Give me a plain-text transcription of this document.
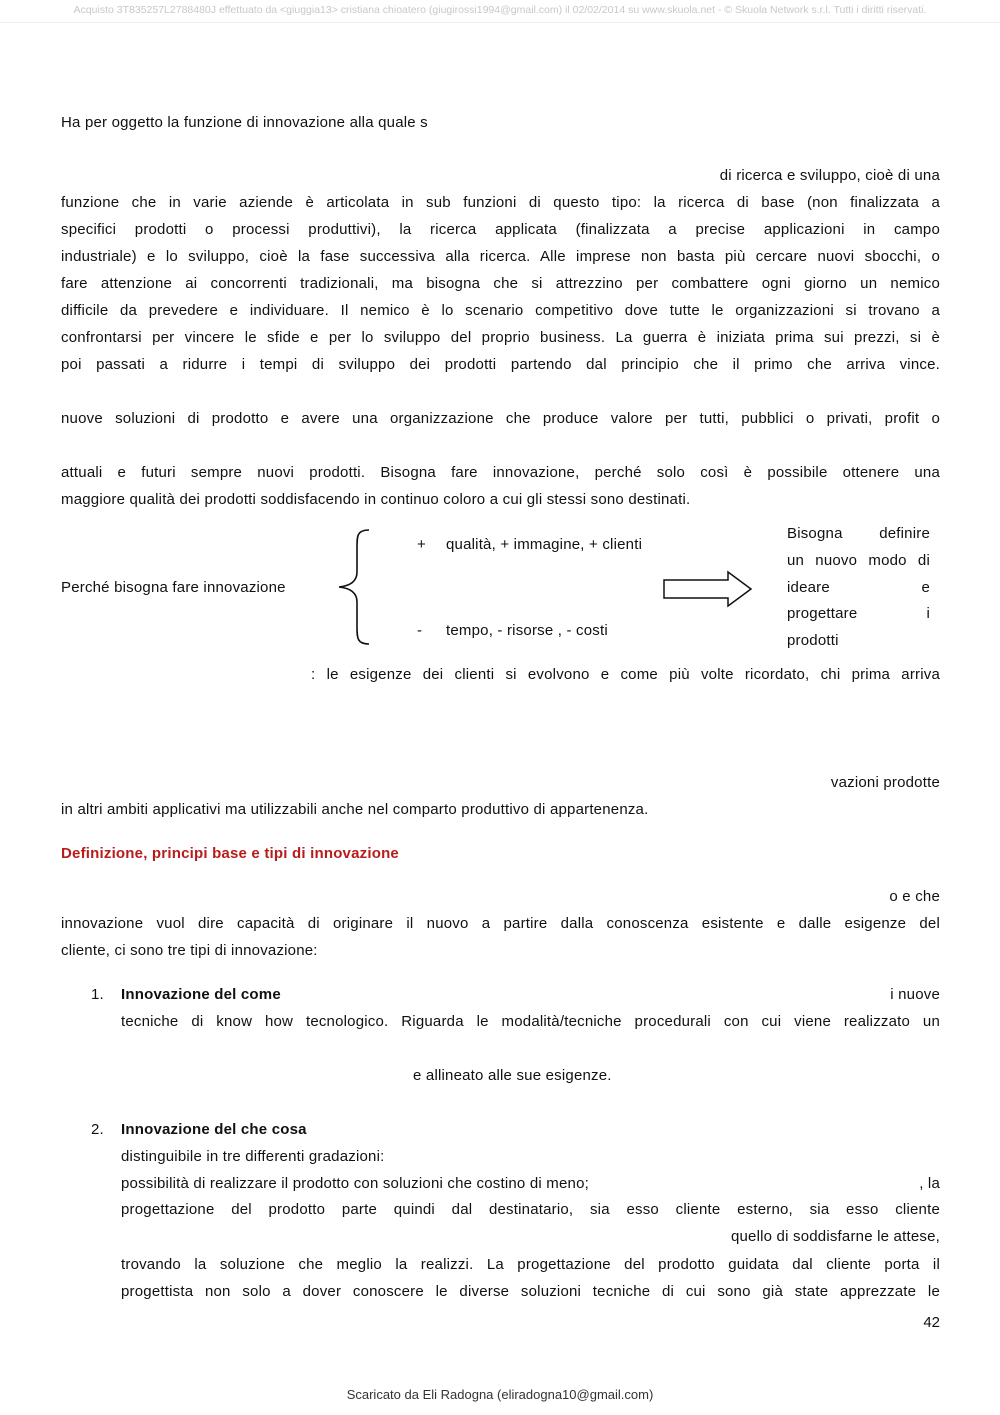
Acquisto 3T835257L2788480J effettuato da <giuggia13> cristiana chioatero (giugirossi1994@gmail.com) il 02/02/2014 su www.skuola.net - © Skuola Network s.r.l. Tutti i diritti riservati.
Ha per oggetto la funzione di innovazione alla quale s
di ricerca e sviluppo, cioè di una
funzione che in varie aziende è articolata in sub funzioni di questo tipo: la ricerca di base (non finalizzata a
specifici prodotti o processi produttivi), la ricerca applicata (finalizzata a precise applicazioni in campo
industriale) e lo sviluppo, cioè la fase successiva alla ricerca. Alle imprese non basta più cercare nuovi sbocchi, o
fare attenzione ai concorrenti tradizionali, ma bisogna che si attrezzino per combattere ogni giorno un nemico
difficile da prevedere e individuare. Il nemico è lo scenario competitivo dove tutte le organizzazioni si trovano a
confrontarsi per vincere le sfide e per lo sviluppo del proprio business. La guerra è iniziata prima sui prezzi, si è
poi passati a ridurre i tempi di sviluppo dei prodotti partendo dal principio che il primo che arriva vince.
nuove soluzioni di prodotto e avere una organizzazione che produce valore per tutti, pubblici o privati, profit o
attuali e futuri sempre nuovi prodotti. Bisogna fare innovazione, perché solo così è possibile ottenere una
maggiore qualità dei prodotti soddisfacendo in continuo coloro a cui gli stessi sono destinati.
Perché bisogna fare innovazione
+ qualità, + immagine, + clienti
- tempo, - risorse , - costi
Bisogna definire
un nuovo modo di
ideare e
progettare i
prodotti
: le esigenze dei clienti si evolvono e come più volte ricordato, chi prima arriva
vazioni prodotte
in altri ambiti applicativi ma utilizzabili anche nel comparto produttivo di appartenenza.
Definizione, principi base e tipi di innovazione
o e che
innovazione vuol dire capacità di originare il nuovo a partire dalla conoscenza esistente e dalle esigenze del
cliente, ci sono tre tipi di innovazione:
1. Innovazione del come	i nuove
tecniche di know how tecnologico. Riguarda le modalità/tecniche procedurali con cui viene realizzato un
e allineato alle sue esigenze.
2. Innovazione del che cosa
distinguibile in tre differenti gradazioni:
possibilità di realizzare il prodotto con soluzioni che costino di meno;	, la
progettazione del prodotto parte quindi dal destinatario, sia esso cliente esterno, sia esso cliente
quello di soddisfarne le attese,
trovando la soluzione che meglio la realizzi. La progettazione del prodotto guidata dal cliente porta il
progettista non solo a dover conoscere le diverse soluzioni tecniche di cui sono già state apprezzate le
42
Scaricato da Eli Radogna (eliradogna10@gmail.com)
